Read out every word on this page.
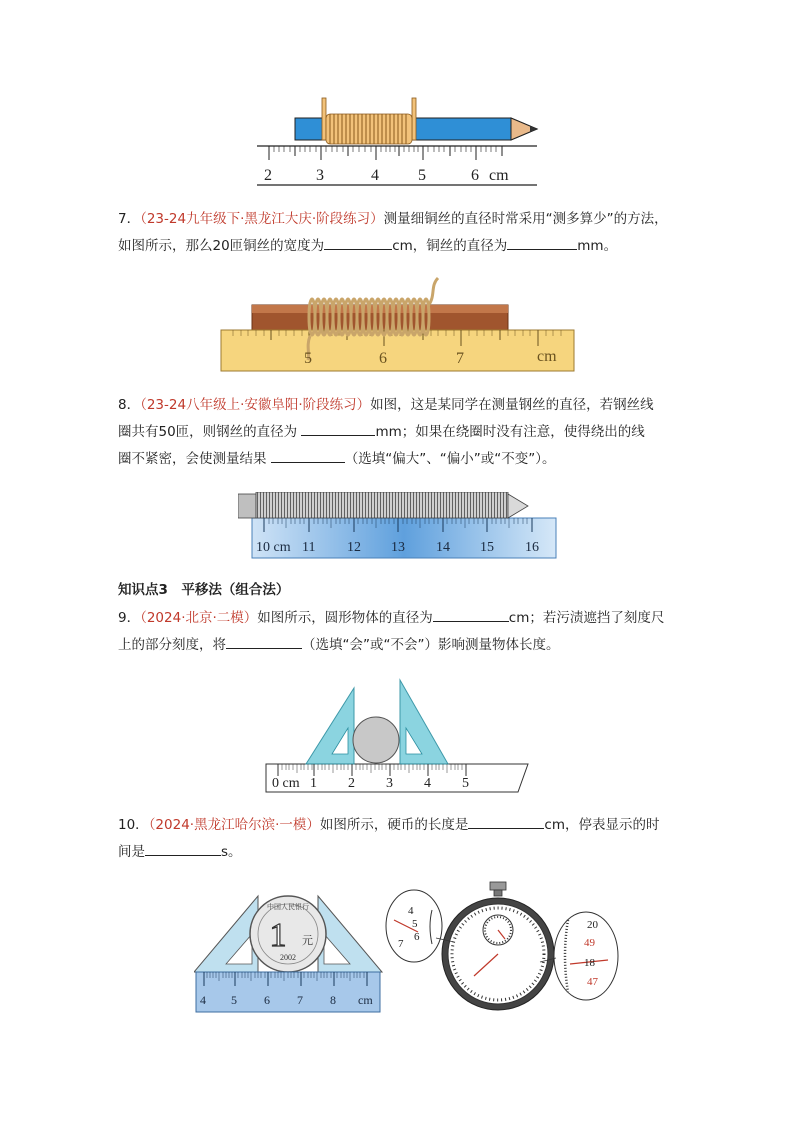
2	3	4 5	6 cm
7．（23-24九年级下·黑龙江大庆·阶段练习）测量细铜丝的直径时常采用“测多算少”的方法，
如图所示，那么20匝铜丝的宽度为	cm，铜丝的直径为	mm。
5	6	7	cm
8．（23-24八年级上·安徽阜阳·阶段练习）如图，这是某同学在测量钢丝的直径，若钢丝线
圈共有50匝，则钢丝的直径为	mm；如果在绕圈时没有注意，使得绕出的线
圈不紧密，会使测量结果	（选填“偏大”、“偏小”或“不变”）。
10 cm 11 12 13 14 15 16
知识点3　平移法（组合法）
9．（2024·北京·二模）如图所示，圆形物体的直径为	cm；若污渍遮挡了刻度尺
上的部分刻度，将	（选填“会”或“不会”）影响测量物体长度。
0 cm 1 2 3 4 5
10．（2024·黑龙江哈尔滨·一模）如图所示，硬币的长度是	cm，停表显示的时
间是	s。
中国人民银行
1 元
2002
4 5 6 7 8 cm
4
5
6
7
20
49
18
47
